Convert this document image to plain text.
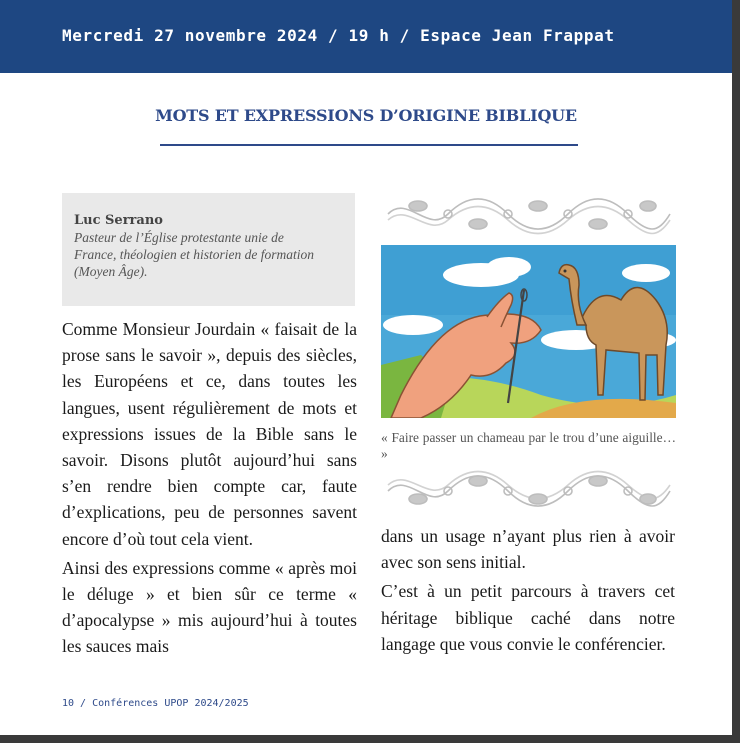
Mercredi 27 novembre 2024 / 19 h / Espace Jean Frappat
MOTS ET EXPRESSIONS D’ORIGINE BIBLIQUE
Luc Serrano
Pasteur de l’Église protestante unie de France, théologien et historien de formation (Moyen Âge).

Comme Monsieur Jourdain « faisait de la prose sans le savoir », depuis des siècles, les Européens et ce, dans toutes les langues, usent régulièrement de mots et expressions issues de la Bible sans le savoir. Disons plutôt aujourd’hui sans s’en rendre bien compte car, faute d’explications, peu de personnes savent encore d’où tout cela vient.

Ainsi des expressions comme « après moi le déluge » et bien sûr ce terme « d’apocalypse » mis aujourd’hui à toutes les sauces mais

« Faire passer un chameau par le trou d’une aiguille… »

dans un usage n’ayant plus rien à avoir avec son sens initial.

C’est à un petit parcours à travers cet héritage biblique caché dans notre langage que vous convie le conférencier.

10 / Conférences UPOP 2024/2025
